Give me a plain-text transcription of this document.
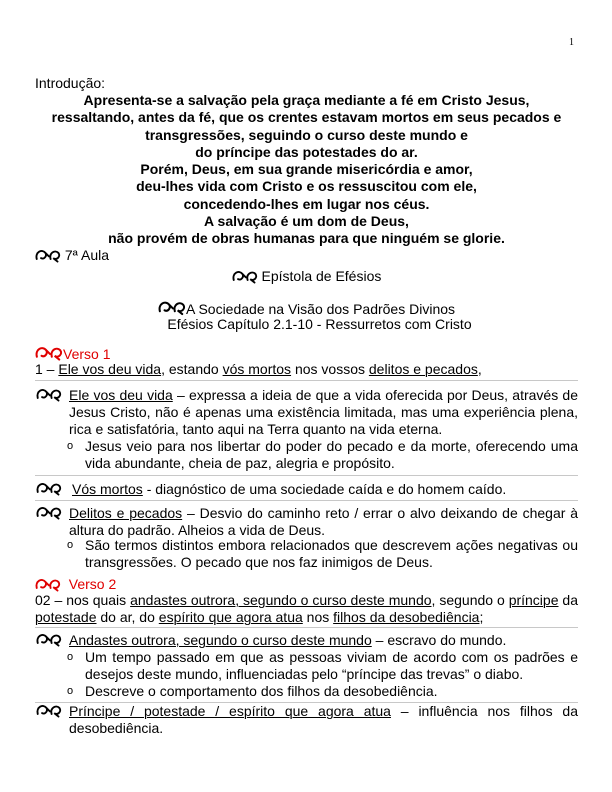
1
Introdução:
Apresenta-se a salvação pela graça mediante a fé em Cristo Jesus,
ressaltando, antes da fé, que os crentes estavam mortos em seus pecados e
transgressões, seguindo o curso deste mundo e
do príncipe das potestades do ar.
Porém, Deus, em sua grande misericórdia e amor,
deu-lhes vida com Cristo e os ressuscitou com ele,
concedendo-lhes em lugar nos céus.
A salvação é um dom de Deus,
não provém de obras humanas para que ninguém se glorie.
7ª Aula
Epístola de Efésios
A Sociedade na Visão dos Padrões Divinos
Efésios Capítulo 2.1-10 - Ressurretos com Cristo
Verso 1
1 – Ele vos deu vida, estando vós mortos nos vossos delitos e pecados,
Ele vos deu vida – expressa a ideia de que a vida oferecida por Deus, através de Jesus Cristo, não é apenas uma existência limitada, mas uma experiência plena, rica e satisfatória, tanto aqui na Terra quanto na vida eterna.
o Jesus veio para nos libertar do poder do pecado e da morte, oferecendo uma vida abundante, cheia de paz, alegria e propósito.
Vós mortos - diagnóstico de uma sociedade caída e do homem caído.
Delitos e pecados – Desvio do caminho reto / errar o alvo deixando de chegar à altura do padrão. Alheios a vida de Deus.
o São termos distintos embora relacionados que descrevem ações negativas ou transgressões. O pecado que nos faz inimigos de Deus.
Verso 2
02 – nos quais andastes outrora, segundo o curso deste mundo, segundo o príncipe da potestade do ar, do espírito que agora atua nos filhos da desobediência;
Andastes outrora, segundo o curso deste mundo – escravo do mundo.
o Um tempo passado em que as pessoas viviam de acordo com os padrões e desejos deste mundo, influenciadas pelo “príncipe das trevas” o diabo.
o Descreve o comportamento dos filhos da desobediência.
Príncipe / potestade / espírito que agora atua – influência nos filhos da desobediência.
